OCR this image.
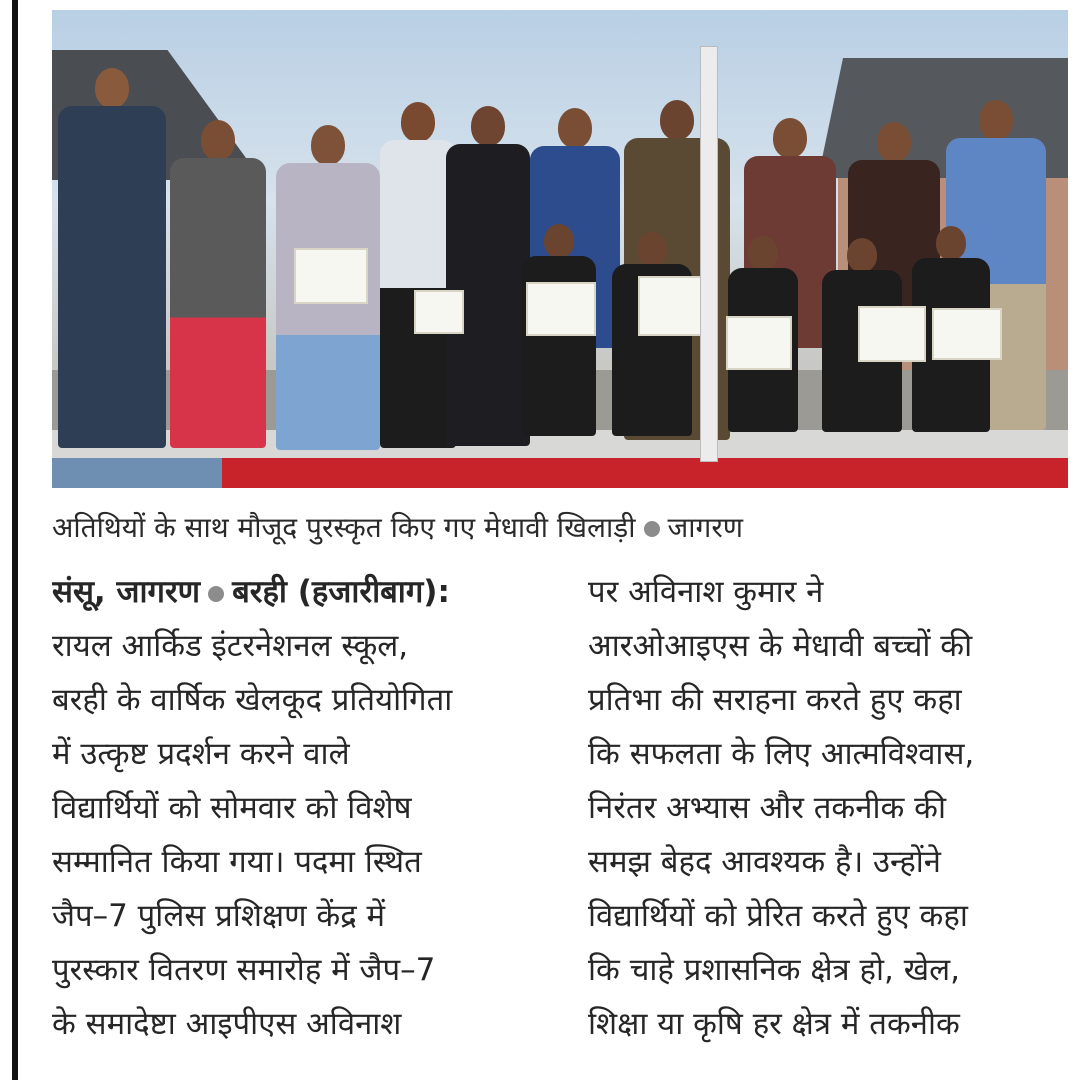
अतिथियों के साथ मौजूद पुरस्कृत किए गए मेधावी खिलाड़ी जागरण
संसू, जागरण बरही (हजारीबाग):
रायल आर्किड इंटरनेशनल स्कूल,
बरही के वार्षिक खेलकूद प्रतियोगिता
में उत्कृष्ट प्रदर्शन करने वाले
विद्यार्थियों को सोमवार को विशेष
सम्मानित किया गया। पदमा स्थित
जैप–7 पुलिस प्रशिक्षण केंद्र में
पुरस्कार वितरण समारोह में जैप–7
के समादेष्टा आइपीएस अविनाश
पर अविनाश कुमार ने
आरओआइएस के मेधावी बच्चों की
प्रतिभा की सराहना करते हुए कहा
कि सफलता के लिए आत्मविश्वास,
निरंतर अभ्यास और तकनीक की
समझ बेहद आवश्यक है। उन्होंने
विद्यार्थियों को प्रेरित करते हुए कहा
कि चाहे प्रशासनिक क्षेत्र हो, खेल,
शिक्षा या कृषि हर क्षेत्र में तकनीक
